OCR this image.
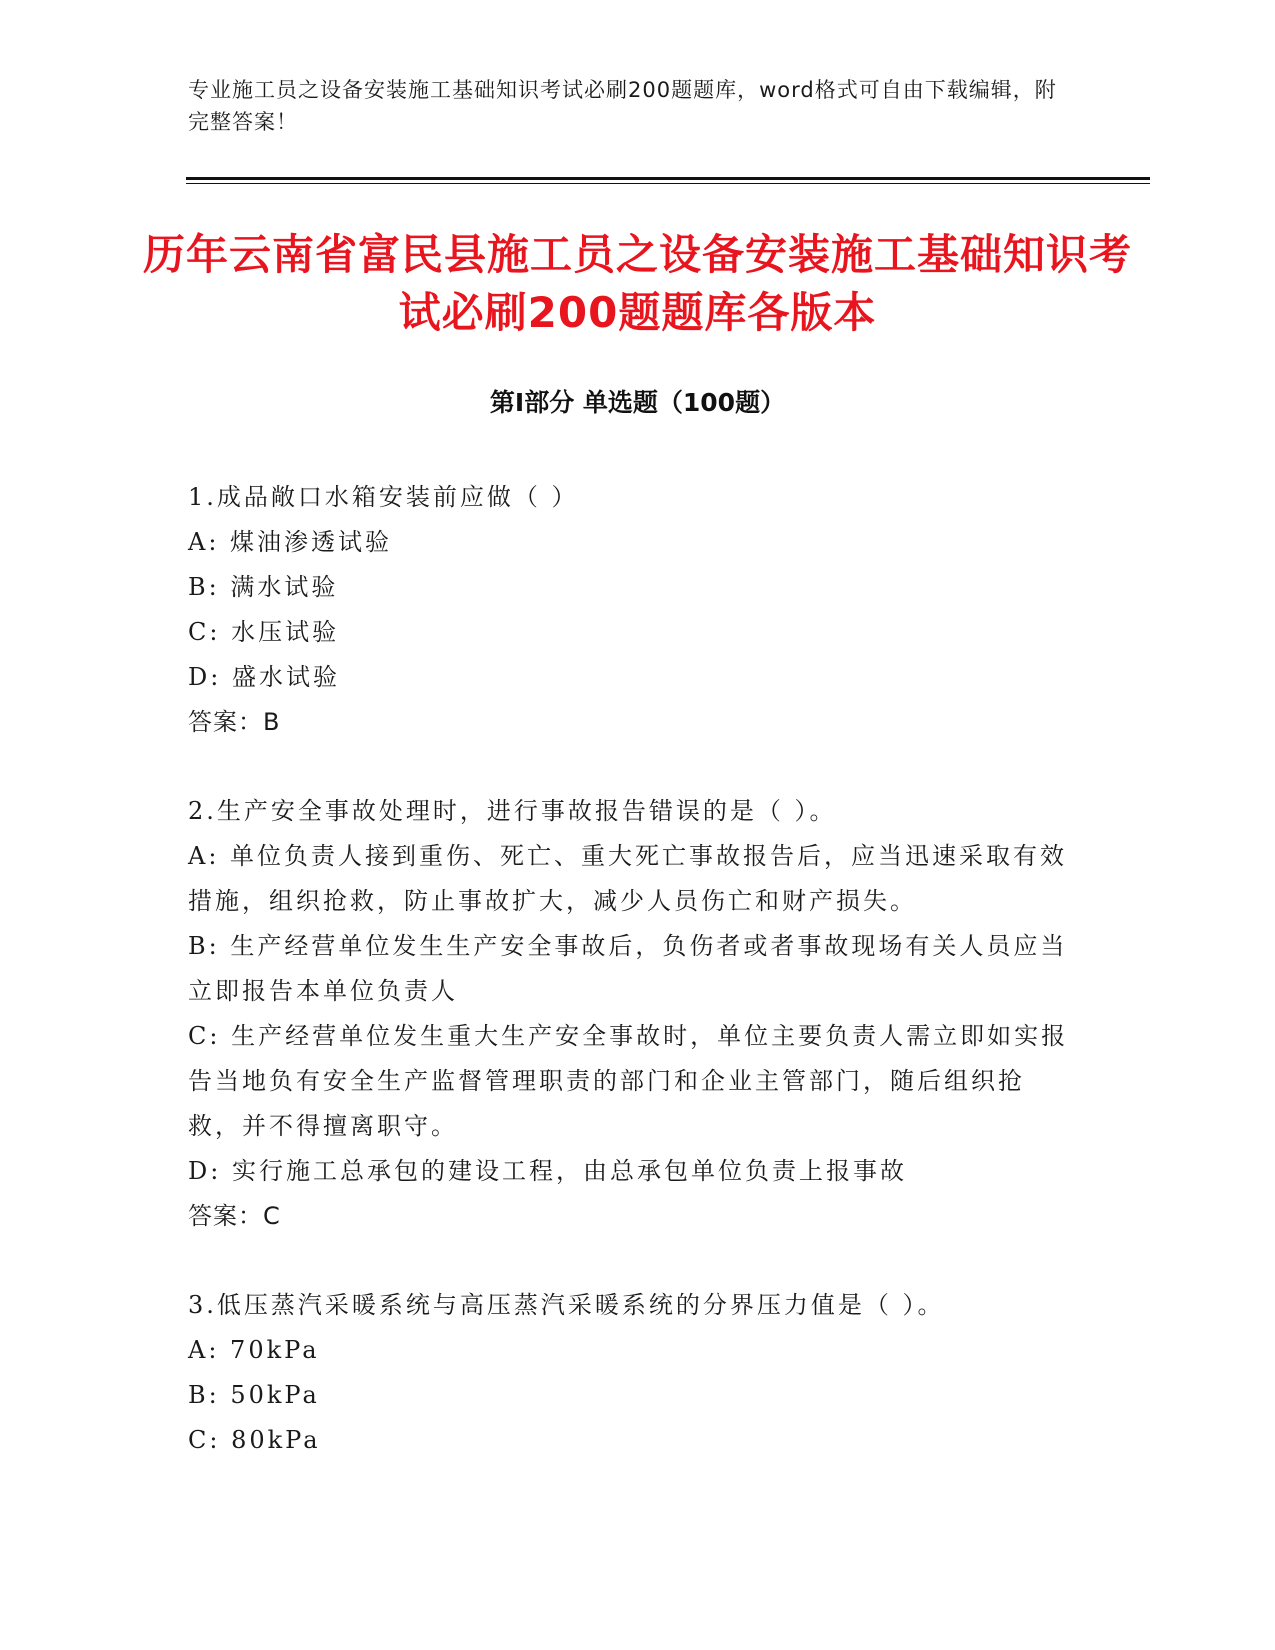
专业施工员之设备安装施工基础知识考试必刷200题题库，word格式可自由下载编辑，附完整答案！
历年云南省富民县施工员之设备安装施工基础知识考试必刷200题题库各版本
第Ⅰ部分 单选题（100题）

1.成品敞口水箱安装前应做（ ）

A: 煤油渗透试验

B: 满水试验

C: 水压试验

D: 盛水试验

答案：B

2.生产安全事故处理时，进行事故报告错误的是（ ）。

A: 单位负责人接到重伤、死亡、重大死亡事故报告后，应当迅速采取有效措施，组织抢救，防止事故扩大，减少人员伤亡和财产损失。

B: 生产经营单位发生生产安全事故后，负伤者或者事故现场有关人员应当立即报告本单位负责人

C: 生产经营单位发生重大生产安全事故时，单位主要负责人需立即如实报告当地负有安全生产监督管理职责的部门和企业主管部门，随后组织抢救，并不得擅离职守。

D: 实行施工总承包的建设工程，由总承包单位负责上报事故

答案：C

3.低压蒸汽采暖系统与高压蒸汽采暖系统的分界压力值是（ ）。

A: 70kPa

B: 50kPa

C: 80kPa
